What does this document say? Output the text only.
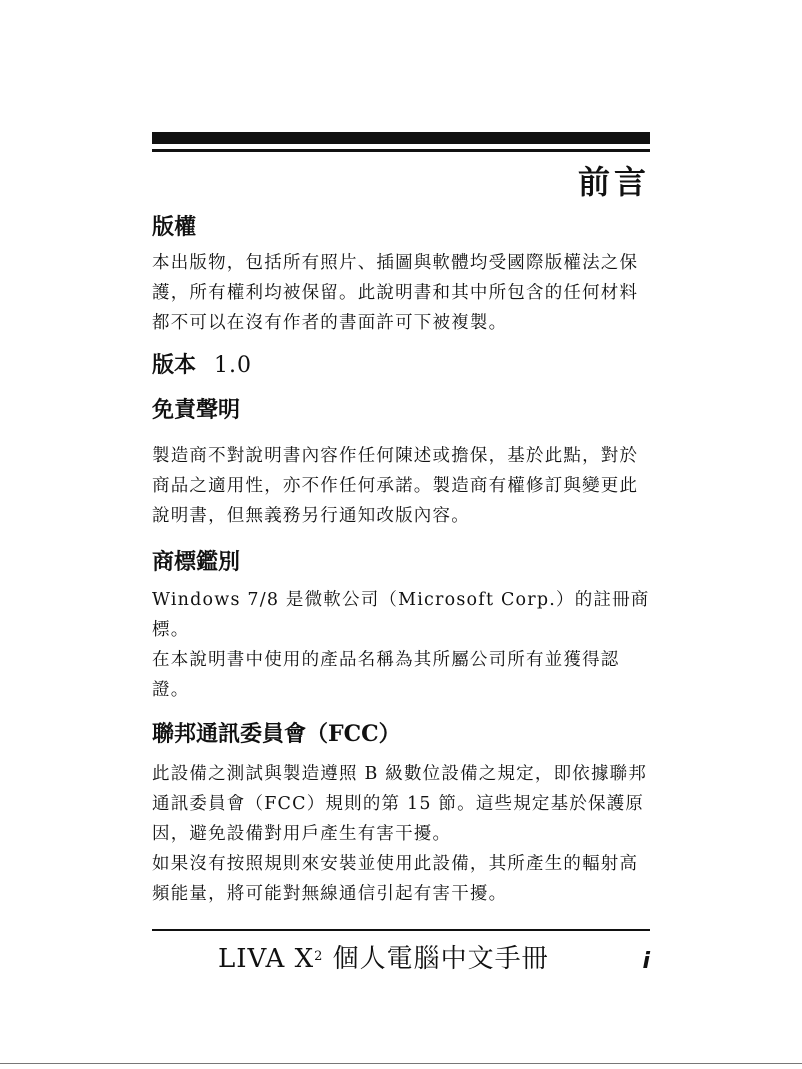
前言
版權

本出版物，包括所有照片、插圖與軟體均受國際版權法之保護，所有權利均被保留。此說明書和其中所包含的任何材料都不可以在沒有作者的書面許可下被複製。

版本 1.0
免責聲明

製造商不對說明書內容作任何陳述或擔保，基於此點，對於商品之適用性，亦不作任何承諾。製造商有權修訂與變更此說明書，但無義務另行通知改版內容。

商標鑑別

Windows 7/8 是微軟公司（Microsoft Corp.）的註冊商標。

在本說明書中使用的產品名稱為其所屬公司所有並獲得認證。

聯邦通訊委員會（FCC）

此設備之測試與製造遵照 B 級數位設備之規定，即依據聯邦通訊委員會（FCC）規則的第 15 節。這些規定基於保護原因，避免設備對用戶產生有害干擾。

如果沒有按照規則來安裝並使用此設備，其所產生的輻射高頻能量，將可能對無線通信引起有害干擾。

LIVA $X^2$ 個人電腦中文手冊	i
